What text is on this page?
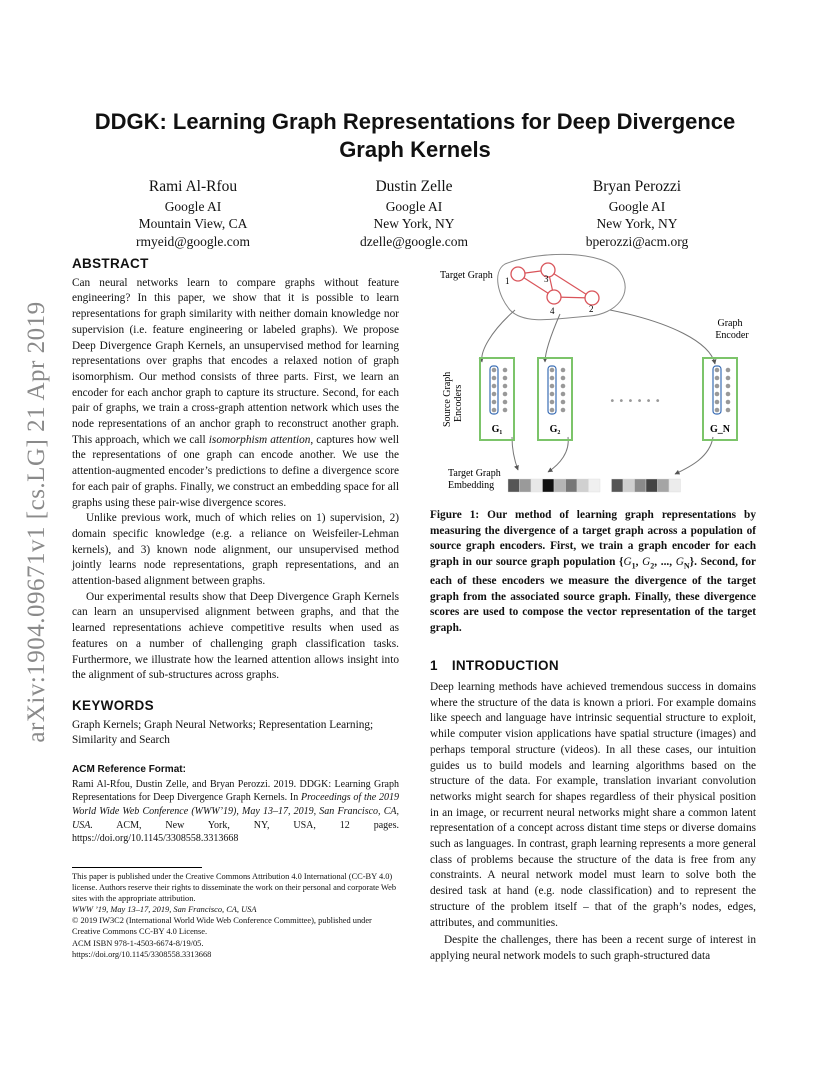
arXiv:1904.09671v1 [cs.LG] 21 Apr 2019
DDGK: Learning Graph Representations for Deep Divergence
Graph Kernels
Rami Al-Rfou
Google AI
Mountain View, CA
rmyeid@google.com
Dustin Zelle
Google AI
New York, NY
dzelle@google.com
Bryan Perozzi
Google AI
New York, NY
bperozzi@acm.org

ABSTRACT

Can neural networks learn to compare graphs without feature engineering? In this paper, we show that it is possible to learn representations for graph similarity with neither domain knowledge nor supervision (i.e. feature engineering or labeled graphs). We propose Deep Divergence Graph Kernels, an unsupervised method for learning representations over graphs that encodes a relaxed notion of graph isomorphism. Our method consists of three parts. First, we learn an encoder for each anchor graph to capture its structure. Second, for each pair of graphs, we train a cross-graph attention network which uses the node representations of an anchor graph to reconstruct another graph. This approach, which we call isomorphism attention, captures how well the representations of one graph can encode another. We use the attention-augmented encoder’s predictions to define a divergence score for each pair of graphs. Finally, we construct an embedding space for all graphs using these pair-wise divergence scores.

Unlike previous work, much of which relies on 1) supervision, 2) domain specific knowledge (e.g. a reliance on Weisfeiler-Lehman kernels), and 3) known node alignment, our unsupervised method jointly learns node representations, graph representations, and an attention-based alignment between graphs.

Our experimental results show that Deep Divergence Graph Kernels can learn an unsupervised alignment between graphs, and that the learned representations achieve competitive results when used as features on a number of challenging graph classification tasks. Furthermore, we illustrate how the learned attention allows insight into the alignment of sub-structures across graphs.

KEYWORDS

Graph Kernels; Graph Neural Networks; Representation Learning; Similarity and Search

ACM Reference Format:

Rami Al-Rfou, Dustin Zelle, and Bryan Perozzi. 2019. DDGK: Learning Graph Representations for Deep Divergence Graph Kernels. In Proceedings of the 2019 World Wide Web Conference (WWW’19), May 13–17, 2019, San Francisco, CA, USA. ACM, New York, NY, USA, 12 pages. https://doi.org/10.1145/3308558.3313668

This paper is published under the Creative Commons Attribution 4.0 International (CC-BY 4.0) license. Authors reserve their rights to disseminate the work on their personal and corporate Web sites with the appropriate attribution.
WWW ’19, May 13–17, 2019, San Francisco, CA, USA
© 2019 IW3C2 (International World Wide Web Conference Committee), published under Creative Commons CC-BY 4.0 License.
ACM ISBN 978-1-4503-6674-8/19/05.
https://doi.org/10.1145/3308558.3313668
Target Graph 1	3
4	2
Graph
Encoder
Source Graph Encoders
G₁	G₂
• • • • • •
G_N
Target Graph
Embedding
Figure 1: Our method of learning graph representations by measuring the divergence of a target graph across a population of source graph encoders. First, we train a graph encoder for each graph in our source graph population {$G_1$, $G_2$, ..., $G_N$}. Second, for each of these encoders we measure the divergence of the target graph from the associated source graph. Finally, these divergence scores are used to compose the vector representation of the target graph.
1 INTRODUCTION

Deep learning methods have achieved tremendous success in domains where the structure of the data is known a priori. For example domains like speech and language have intrinsic sequential structure to exploit, while computer vision applications have spatial structure (images) and perhaps temporal structure (videos). In all these cases, our intuition guides us to build models and learning algorithms based on the structure of the data. For example, translation invariant convolution networks might search for shapes regardless of their physical position in an image, or recurrent neural networks might share a common latent representation of a concept across distant time steps or diverse domains such as languages. In contrast, graph learning represents a more general class of problems because the structure of the data is free from any constraints. A neural network model must learn to solve both the desired task at hand (e.g. node classification) and to represent the structure of the problem itself – that of the graph’s nodes, edges, attributes, and communities.

Despite the challenges, there has been a recent surge of interest in applying neural network models to such graph-structured data
